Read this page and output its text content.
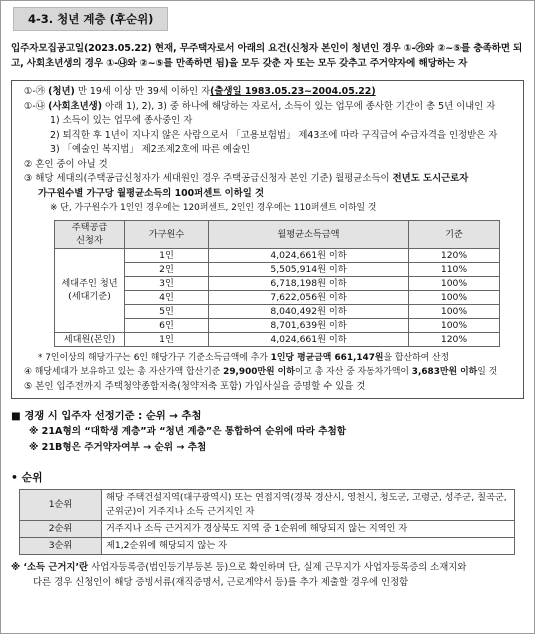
4-3. 청년 계층 (후순위)
입주자모집공고일(2023.05.22) 현재, 무주택자로서 아래의 요건(신청자 본인이 청년인 경우 ①-㉮와 ②~⑤를 충족하면 되고, 사회초년생의 경우 ①-㉯와 ②~⑤를 만족하면 됨)을 모두 갖춘 자 또는 모두 갖추고 주거약자에 해당하는 자
①-㉮ (청년) 만 19세 이상 만 39세 이하인 자(출생일 1983.05.23~2004.05.22)
①-㉯ (사회초년생) 아래 1), 2), 3) 중 하나에 해당하는 자로서, 소득이 있는 업무에 종사한 기간이 총 5년 이내인 자
1) 소득이 있는 업무에 종사중인 자
2) 퇴직한 후 1년이 지나지 않은 사람으로서 「고용보험법」 제43조에 따라 구직급여 수급자격을 인정받은 자
3) 「예술인 복지법」 제2조제2호에 따른 예술인
② 혼인 중이 아닐 것
③ 해당 세대의(주택공급신청자가 세대원인 경우 주택공급신청자 본인 기준) 월평균소득이 전년도 도시근로자
가구원수별 가구당 월평균소득의 100퍼센트 이하일 것
※ 단, 가구원수가 1인인 경우에는 120퍼센트, 2인인 경우에는 110퍼센트 이하일 것
주택공급
신청자	가구원수	월평균소득금액	기준
세대주인 청년
(세대기준)	1인	4,024,661원 이하	120%
	2인	5,505,914원 이하	110%
	3인	6,718,198원 이하	100%
	4인	7,622,056원 이하	100%
	5인	8,040,492원 이하	100%
	6인	8,701,639원 이하	100%
세대원(본인)	1인	4,024,661원 이하	120%
* 7인이상의 해당가구는 6인 해당가구 기준소득금액에 추가 1인당 평균금액 661,147원을 합산하여 산정
④ 해당세대가 보유하고 있는 총 자산가액 합산기준 29,900만원 이하이고 총 자산 중 자동차가액이 3,683만원 이하일 것
⑤ 본인 입주전까지 주택청약종합저축(청약저축 포함) 가입사실을 증명할 수 있을 것
■ 경쟁 시 입주자 선정기준 : 순위 → 추첨
※ 21A형의 “대학생 계층”과 “청년 계층”은 통합하여 순위에 따라 추첨함
※ 21B형은 주거약자여부 → 순위 → 추첨
• 순위
1순위	해당 주택건설지역(대구광역시) 또는 연접지역(경북 경산시, 영천시, 청도군, 고령군, 성주군, 칠곡군, 군위군)이 거주지나 소득 근거지인 자
2순위	거주지나 소득 근거지가 경상북도 지역 중 1순위에 해당되지 않는 지역인 자
3순위	제1,2순위에 해당되지 않는 자
※ ‘소득 근거지’란 사업자등록증(법인등기부등본 등)으로 확인하며 단, 실제 근무지가 사업자등록증의 소재지와
다른 경우 신청인이 해당 증빙서류(재직증명서, 근로계약서 등)를 추가 제출할 경우에 인정함
